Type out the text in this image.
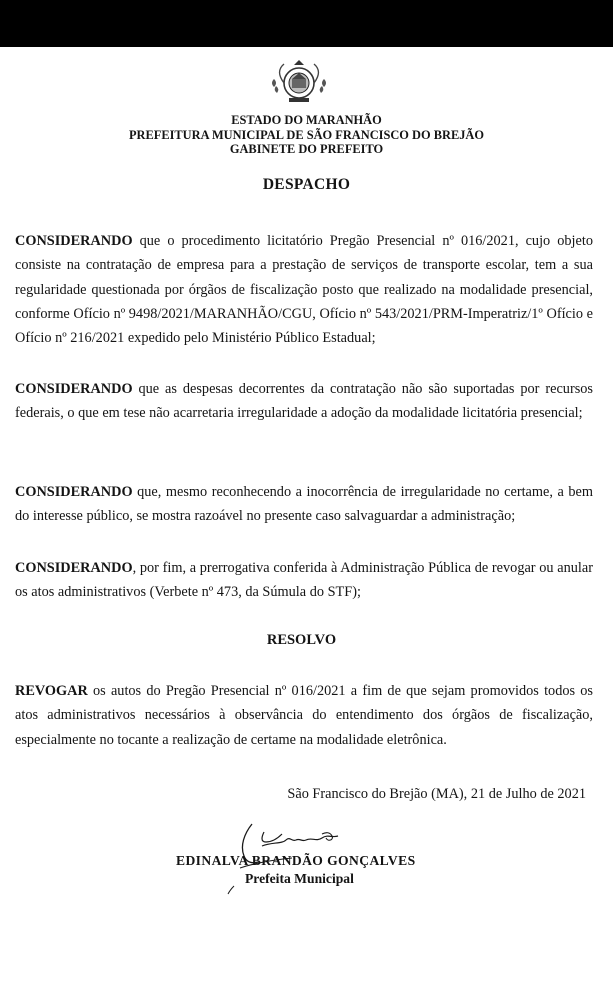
ESTADO DO MARANHÃO
PREFEITURA MUNICIPAL DE SÃO FRANCISCO DO BREJÃO
GABINETE DO PREFEITO
DESPACHO
CONSIDERANDO que o procedimento licitatório Pregão Presencial nº 016/2021, cujo objeto consiste na contratação de empresa para a prestação de serviços de transporte escolar, tem a sua regularidade questionada por órgãos de fiscalização posto que realizado na modalidade presencial, conforme Ofício nº 9498/2021/MARANHÃO/CGU, Ofício nº 543/2021/PRM-Imperatriz/1º Ofício e Ofício nº 216/2021 expedido pelo Ministério Público Estadual;
CONSIDERANDO que as despesas decorrentes da contratação não são suportadas por recursos federais, o que em tese não acarretaria irregularidade a adoção da modalidade licitatória presencial;
CONSIDERANDO que, mesmo reconhecendo a inocorrência de irregularidade no certame, a bem do interesse público, se mostra razoável no presente caso salvaguardar a administração;
CONSIDERANDO, por fim, a prerrogativa conferida à Administração Pública de revogar ou anular os atos administrativos (Verbete nº 473, da Súmula do STF);
RESOLVO
REVOGAR os autos do Pregão Presencial nº 016/2021 a fim de que sejam promovidos todos os atos administrativos necessários à observância do entendimento dos órgãos de fiscalização, especialmente no tocante a realização de certame na modalidade eletrônica.
São Francisco do Brejão (MA), 21 de Julho de 2021
EDINALVA BRANDÃO GONÇALVES
Prefeita Municipal
